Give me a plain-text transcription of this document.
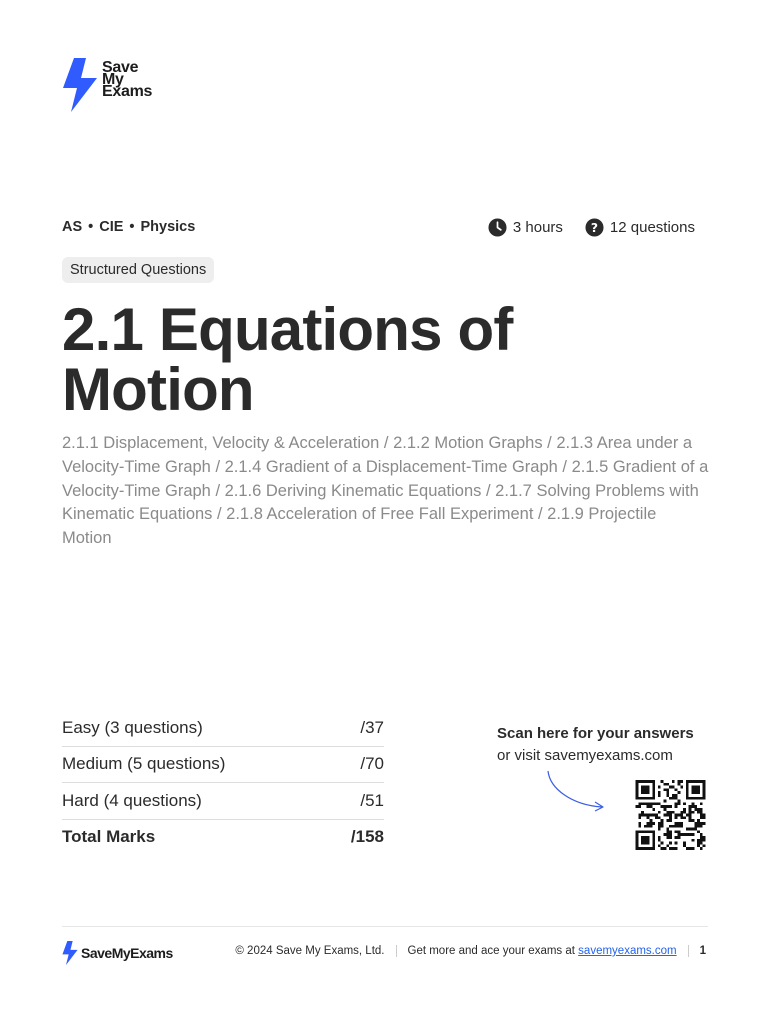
Save
My
Exams
AS • CIE • Physics	3 hours ? 12 questions
Structured Questions
2.1 Equations of Motion
2.1.1 Displacement, Velocity & Acceleration / 2.1.2 Motion Graphs / 2.1.3 Area under a Velocity-Time Graph / 2.1.4 Gradient of a Displacement-Time Graph / 2.1.5 Gradient of a Velocity-Time Graph / 2.1.6 Deriving Kinematic Equations / 2.1.7 Solving Problems with Kinematic Equations / 2.1.8 Acceleration of Free Fall Experiment / 2.1.9 Projectile Motion
Easy (3 questions)	/37
Medium (5 questions)	/70
Hard (4 questions)	/51
Total Marks	/158
Scan here for your answers
or visit savemyexams.com
SaveMyExams	© 2024 Save My Exams, Ltd. Get more and ace your exams at savemyexams.com 1
